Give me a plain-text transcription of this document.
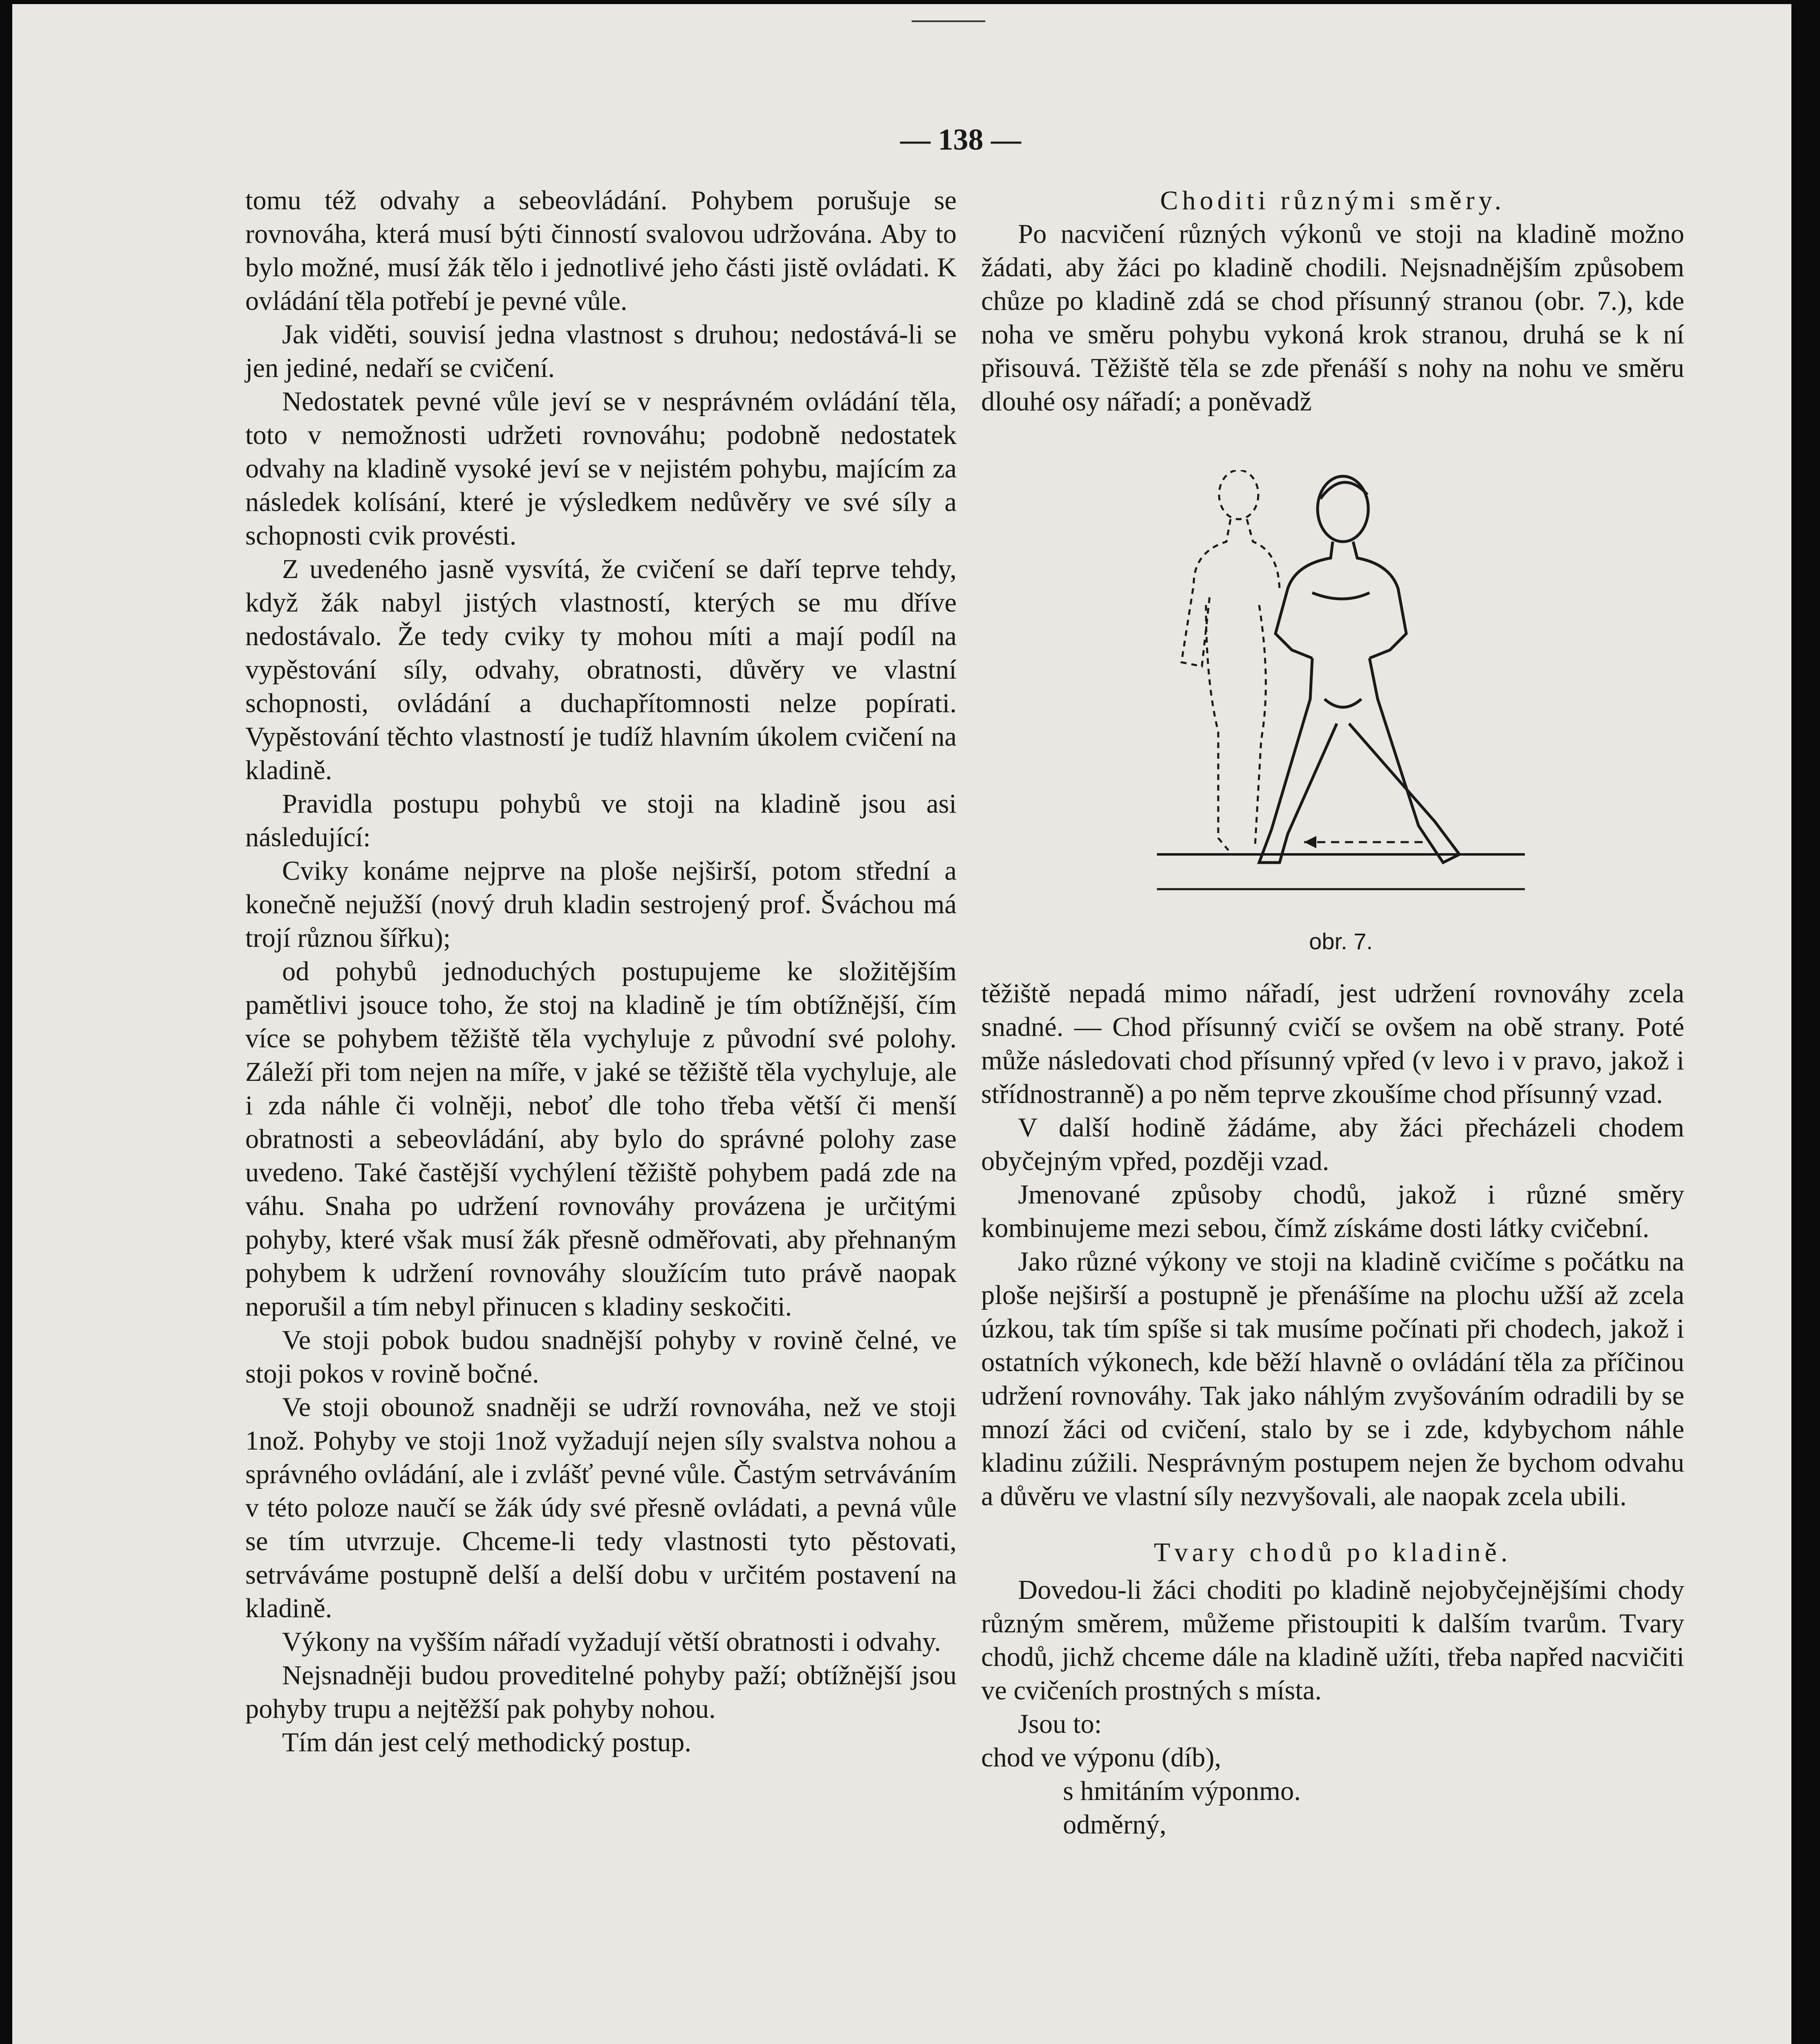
— 138 —

tomu též odvahy a sebeovládání. Pohybem porušuje se rovnováha, která musí býti činností svalovou udržována. Aby to bylo možné, musí žák tělo i jednotlivé jeho části jistě ovládati. K ovládání těla potřebí je pevné vůle.

Jak viděti, souvisí jedna vlastnost s druhou; nedostává-li se jen jediné, nedaří se cvičení.

Nedostatek pevné vůle jeví se v nesprávném ovládání těla, toto v nemožnosti udržeti rovnováhu; podobně nedostatek odvahy na kladině vysoké jeví se v nejistém pohybu, majícím za následek kolísání, které je výsledkem nedůvěry ve své síly a schopnosti cvik provésti.

Z uvedeného jasně vysvítá, že cvičení se daří teprve tehdy, když žák nabyl jistých vlastností, kterých se mu dříve nedostávalo. Že tedy cviky ty mohou míti a mají podíl na vypěstování síly, odvahy, obratnosti, důvěry ve vlastní schopnosti, ovládání a duchapřítomnosti nelze popírati. Vypěstování těchto vlastností je tudíž hlavním úkolem cvičení na kladině.

Pravidla postupu pohybů ve stoji na kladině jsou asi následující:

Cviky konáme nejprve na ploše nejširší, potom střední a konečně nejužší (nový druh kladin sestrojený prof. Šváchou má trojí různou šířku);

od pohybů jednoduchých postupujeme ke složitějším pamětlivi jsouce toho, že stoj na kladině je tím obtížnější, čím více se pohybem těžiště těla vychyluje z původní své polohy. Záleží při tom nejen na míře, v jaké se těžiště těla vychyluje, ale i zda náhle či volněji, neboť dle toho třeba větší či menší obratnosti a sebeovládání, aby bylo do správné polohy zase uvedeno. Také častější vychýlení těžiště pohybem padá zde na váhu. Snaha po udržení rovnováhy provázena je určitými pohyby, které však musí žák přesně odměřovati, aby přehnaným pohybem k udržení rovnováhy sloužícím tuto právě naopak neporušil a tím nebyl přinucen s kladiny seskočiti.

Ve stoji pobok budou snadnější pohyby v rovině čelné, ve stoji pokos v rovině bočné.

Ve stoji obounož snadněji se udrží rovnováha, než ve stoji 1nož. Pohyby ve stoji 1nož vyžadují nejen síly svalstva nohou a správného ovládání, ale i zvlášť pevné vůle. Častým setrváváním v této poloze naučí se žák údy své přesně ovládati, a pevná vůle se tím utvrzuje. Chceme-li tedy vlastnosti tyto pěstovati, setrváváme postupně delší a delší dobu v určitém postavení na kladině.

Výkony na vyšším nářadí vyžadují větší obratnosti i odvahy.

Nejsnadněji budou proveditelné pohyby paží; obtížnější jsou pohyby trupu a nejtěžší pak pohyby nohou.

Tím dán jest celý methodický postup.

Choditi různými směry.

Po nacvičení různých výkonů ve stoji na kladině možno žádati, aby žáci po kladině chodili. Nejsnadnějším způsobem chůze po kladině zdá se chod přísunný stranou (obr. 7.), kde noha ve směru pohybu vykoná krok stranou, druhá se k ní přisouvá. Těžiště těla se zde přenáší s nohy na nohu ve směru dlouhé osy nářadí; a poněvadž

obr. 7.

těžiště nepadá mimo nářadí, jest udržení rovnováhy zcela snadné. — Chod přísunný cvičí se ovšem na obě strany. Poté může následovati chod přísunný vpřed (v levo i v pravo, jakož i střídnostranně) a po něm teprve zkoušíme chod přísunný vzad.

V další hodině žádáme, aby žáci přecházeli chodem obyčejným vpřed, později vzad.

Jmenované způsoby chodů, jakož i různé směry kombinujeme mezi sebou, čímž získáme dosti látky cvičební.

Jako různé výkony ve stoji na kladině cvičíme s počátku na ploše nejširší a postupně je přenášíme na plochu užší až zcela úzkou, tak tím spíše si tak musíme počínati při chodech, jakož i ostatních výkonech, kde běží hlavně o ovládání těla za příčinou udržení rovnováhy. Tak jako náhlým zvyšováním odradili by se mnozí žáci od cvičení, stalo by se i zde, kdybychom náhle kladinu zúžili. Nesprávným postupem nejen že bychom odvahu a důvěru ve vlastní síly nezvyšovali, ale naopak zcela ubili.

Tvary chodů po kladině.

Dovedou-li žáci choditi po kladině nejobyčejnějšími chody různým směrem, můžeme přistoupiti k dalším tvarům. Tvary chodů, jichž chceme dále na kladině užíti, třeba napřed nacvičiti ve cvičeních prostných s místa.

Jsou to:

chod ve výponu (díb),

s hmitáním výponmo.

odměrný,
